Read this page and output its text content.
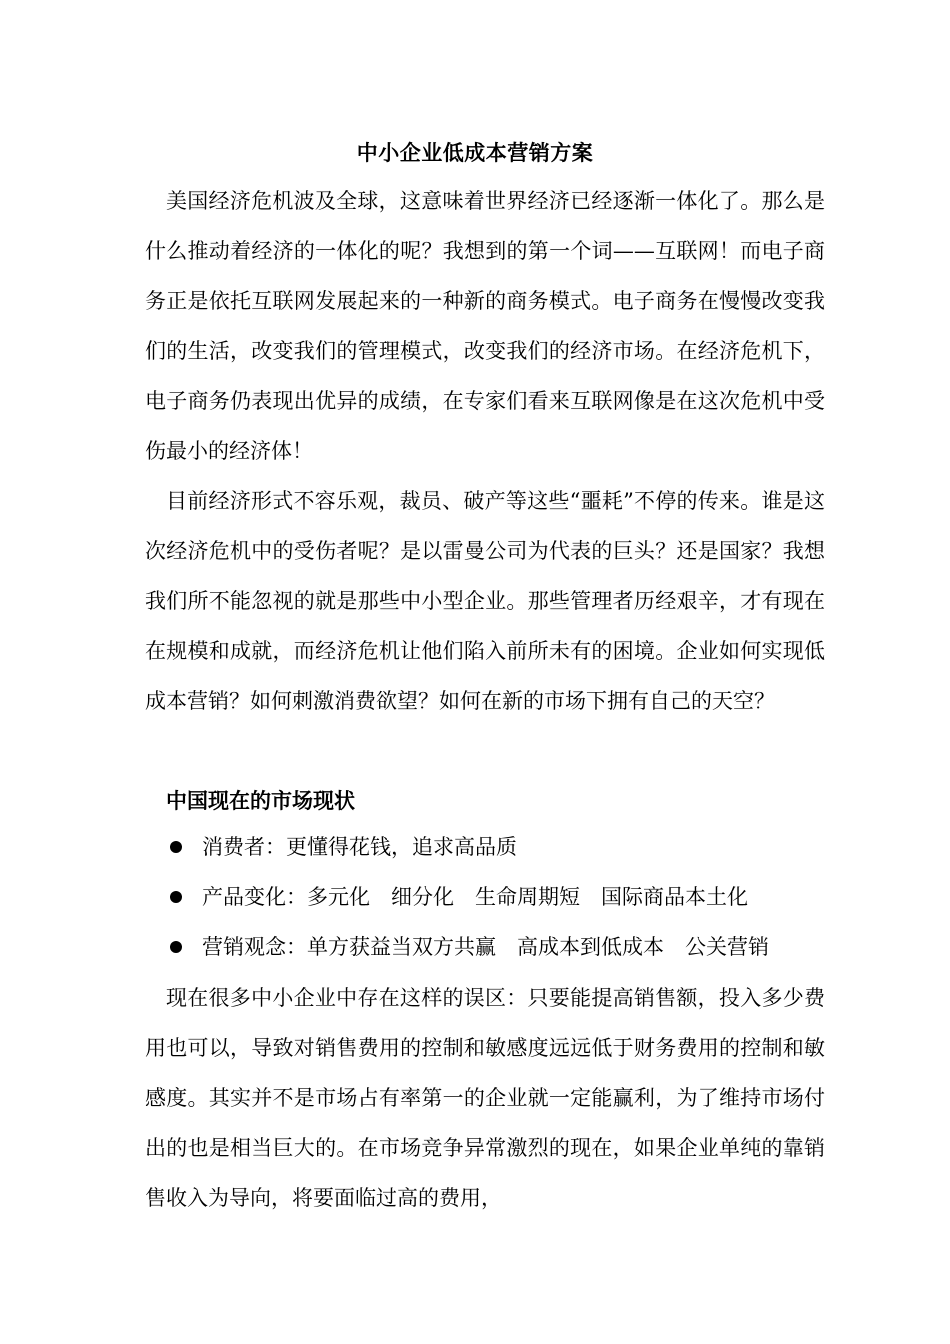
中小企业低成本营销方案

美国经济危机波及全球，这意味着世界经济已经逐渐一体化了。那么是什么推动着经济的一体化的呢？我想到的第一个词——互联网！而电子商务正是依托互联网发展起来的一种新的商务模式。电子商务在慢慢改变我们的生活，改变我们的管理模式，改变我们的经济市场。在经济危机下，电子商务仍表现出优异的成绩，在专家们看来互联网像是在这次危机中受伤最小的经济体！

目前经济形式不容乐观，裁员、破产等这些“噩耗”不停的传来。谁是这次经济危机中的受伤者呢？是以雷曼公司为代表的巨头？还是国家？我想我们所不能忽视的就是那些中小型企业。那些管理者历经艰辛，才有现在在规模和成就，而经济危机让他们陷入前所未有的困境。企业如何实现低成本营销？如何刺激消费欲望？如何在新的市场下拥有自己的天空？

中国现在的市场现状
消费者：更懂得花钱，追求高品质
产品变化：多元化　细分化　生命周期短　国际商品本土化
营销观念：单方获益当双方共赢　高成本到低成本　公关营销

现在很多中小企业中存在这样的误区：只要能提高销售额，投入多少费用也可以，导致对销售费用的控制和敏感度远远低于财务费用的控制和敏感度。其实并不是市场占有率第一的企业就一定能赢利，为了维持市场付出的也是相当巨大的。在市场竞争异常激烈的现在，如果企业单纯的靠销售收入为导向，将要面临过高的费用，
